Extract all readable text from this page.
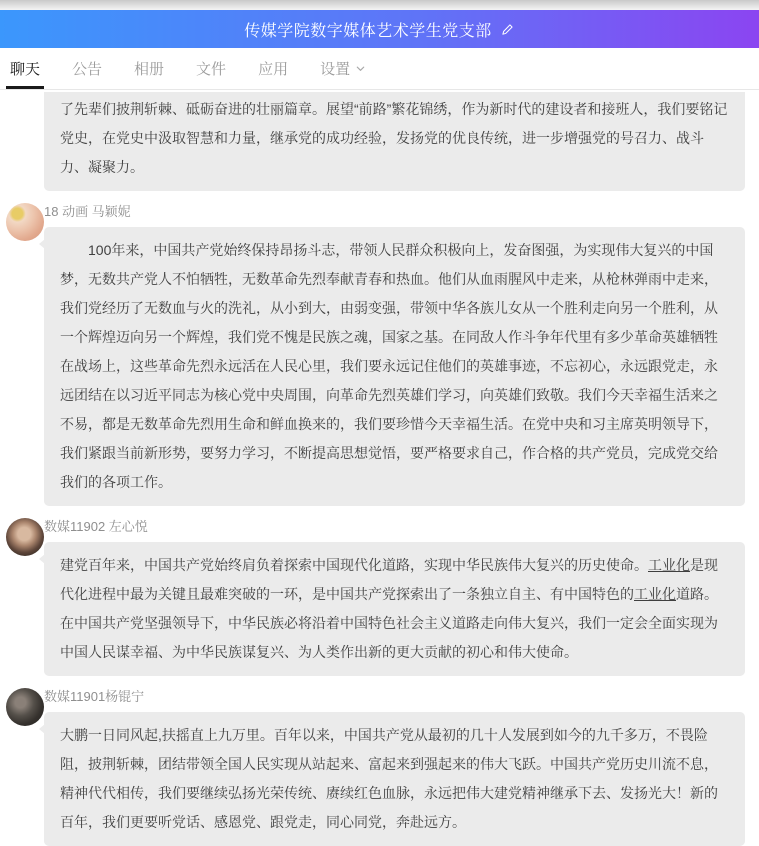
传媒学院数字媒体艺术学生党支部
聊天 公告 相册 文件 应用 设置
了先辈们披荆斩棘、砥砺奋进的壮丽篇章。展望“前路”繁花锦绣，作为新时代的建设者和接班人，我们要铭记党史，在党史中汲取智慧和力量，继承党的成功经验，发扬党的优良传统，进一步增强党的号召力、战斗力、凝聚力。
18 动画 马颖妮
　　100年来，中国共产党始终保持昂扬斗志，带领人民群众积极向上，发奋图强，为实现伟大复兴的中国梦，无数共产党人不怕牺牲，无数革命先烈奉献青春和热血。他们从血雨腥风中走来，从枪林弹雨中走来，我们党经历了无数血与火的洗礼，从小到大，由弱变强，带领中华各族儿女从一个胜利走向另一个胜利，从一个辉煌迈向另一个辉煌，我们党不愧是民族之魂，国家之基。在同敌人作斗争年代里有多少革命英雄牺牲在战场上，这些革命先烈永远活在人民心里，我们要永远记住他们的英雄事迹，不忘初心，永远跟党走，永远团结在以习近平同志为核心党中央周围，向革命先烈英雄们学习，向英雄们致敬。我们今天幸福生活来之不易，都是无数革命先烈用生命和鲜血换来的，我们要珍惜今天幸福生活。在党中央和习主席英明领导下，我们紧跟当前新形势，要努力学习，不断提高思想觉悟，要严格要求自己，作合格的共产党员，完成党交给我们的各项工作。
数媒11902 左心悦
建党百年来，中国共产党始终肩负着探索中国现代化道路，实现中华民族伟大复兴的历史使命。工业化是现代化进程中最为关键且最难突破的一环，是中国共产党探索出了一条独立自主、有中国特色的工业化道路。在中国共产党坚强领导下，中华民族必将沿着中国特色社会主义道路走向伟大复兴，我们一定会全面实现为中国人民谋幸福、为中华民族谋复兴、为人类作出新的更大贡献的初心和伟大使命。
数媒11901杨锟宁
大鹏一日同风起,扶摇直上九万里。百年以来，中国共产党从最初的几十人发展到如今的九千多万，不畏险阻，披荆斩棘，团结带领全国人民实现从站起来、富起来到强起来的伟大飞跃。中国共产党历史川流不息，精神代代相传，我们要继续弘扬光荣传统、赓续红色血脉，永远把伟大建党精神继承下去、发扬光大！新的百年，我们更要听党话、感恩党、跟党走，同心同党，奔赴远方。
